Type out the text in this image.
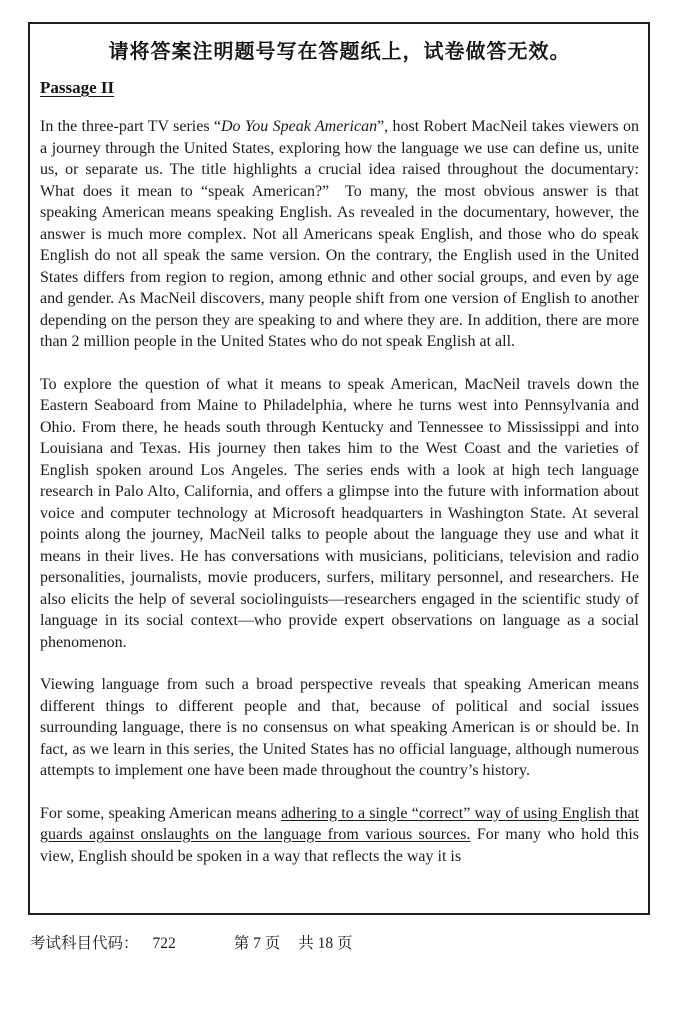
请将答案注明题号写在答题纸上，试卷做答无效。
Passage II
In the three-part TV series “Do You Speak American”, host Robert MacNeil takes viewers on a journey through the United States, exploring how the language we use can define us, unite us, or separate us. The title highlights a crucial idea raised throughout the documentary: What does it mean to “speak American?”  To many, the most obvious answer is that speaking American means speaking English. As revealed in the documentary, however, the answer is much more complex. Not all Americans speak English, and those who do speak English do not all speak the same version. On the contrary, the English used in the United States differs from region to region, among ethnic and other social groups, and even by age and gender. As MacNeil discovers, many people shift from one version of English to another depending on the person they are speaking to and where they are. In addition, there are more than 2 million people in the United States who do not speak English at all.
To explore the question of what it means to speak American, MacNeil travels down the Eastern Seaboard from Maine to Philadelphia, where he turns west into Pennsylvania and Ohio. From there, he heads south through Kentucky and Tennessee to Mississippi and into Louisiana and Texas. His journey then takes him to the West Coast and the varieties of English spoken around Los Angeles. The series ends with a look at high tech language research in Palo Alto, California, and offers a glimpse into the future with information about voice and computer technology at Microsoft headquarters in Washington State. At several points along the journey, MacNeil talks to people about the language they use and what it means in their lives. He has conversations with musicians, politicians, television and radio personalities, journalists, movie producers, surfers, military personnel, and researchers. He also elicits the help of several sociolinguists—researchers engaged in the scientific study of language in its social context—who provide expert observations on language as a social phenomenon.
Viewing language from such a broad perspective reveals that speaking American means different things to different people and that, because of political and social issues surrounding language, there is no consensus on what speaking American is or should be. In fact, as we learn in this series, the United States has no official language, although numerous attempts to implement one have been made throughout the country’s history.
For some, speaking American means adhering to a single “correct” way of using English that guards against onslaughts on the language from various sources. For many who hold this view, English should be spoken in a way that reflects the way it is
考试科目代码： 722	第 7 页 共 18 页
